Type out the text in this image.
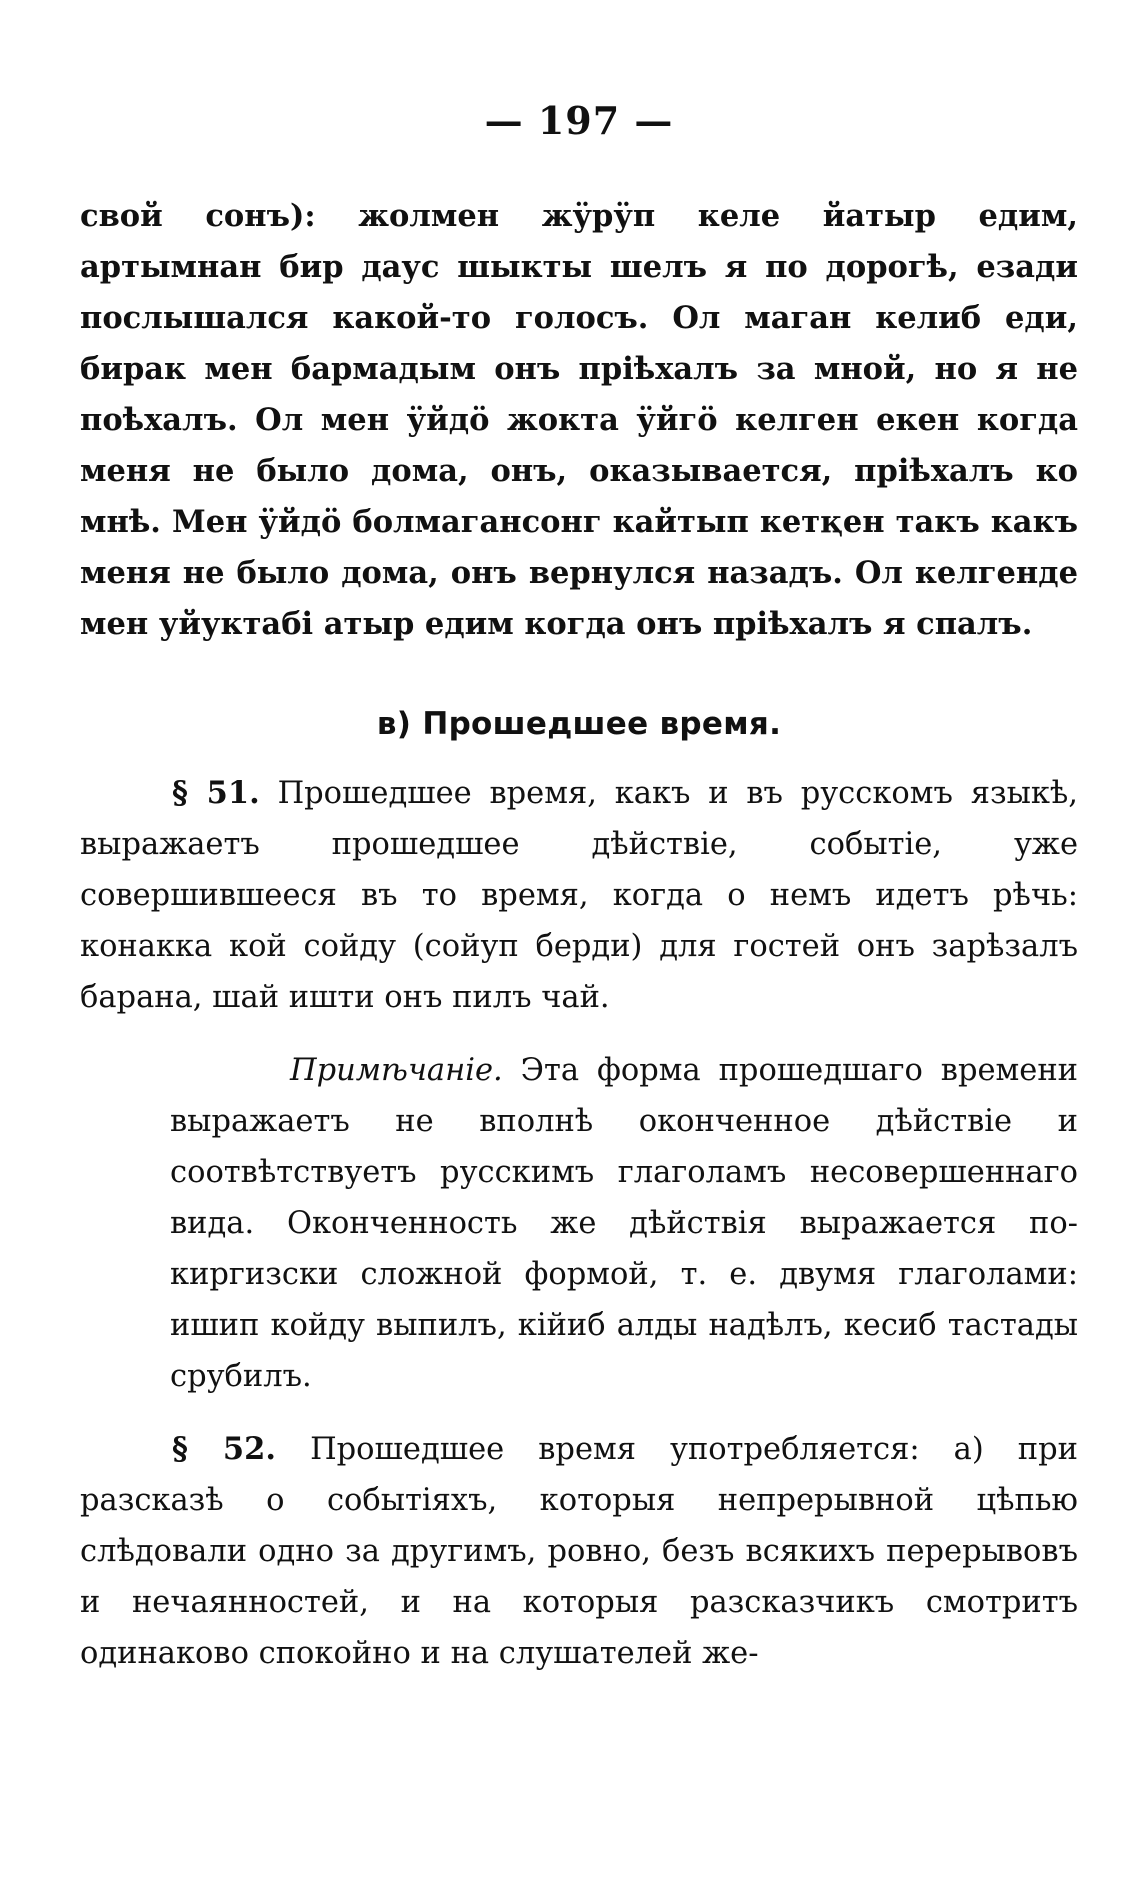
— 197 —

свой сонъ): жолмен жӱрӱп келе йатыр едим, артымнан бир даус шыкты шелъ я по дорогѣ, езади послышался какой-то голосъ. Ол маган келиб еди, бирак мен бармадым онъ пріѣхалъ за мной, но я не поѣхалъ. Ол мен ӱйдӧ жокта ӱйгӧ келген екен когда меня не было дома, онъ, оказывается, пріѣхалъ ко мнѣ. Мен ӱйдӧ болмагансонг кайтып кетқен такъ какъ меня не было дома, онъ вернулся назадъ. Ол келгенде мен уйуктабі атыр едим когда онъ пріѣхалъ я спалъ.

в) Прошедшее время.

§ 51. Прошедшее время, какъ и въ русскомъ языкѣ, выражаетъ прошедшее дѣйствіе, событіе, уже совершившееся въ то время, когда о немъ идетъ рѣчь: конакка кой сойду (сойуп берди) для гостей онъ зарѣзалъ барана, шай ишти онъ пилъ чай.

Примѣчаніе. Эта форма прошедшаго времени выражаетъ не вполнѣ оконченное дѣйствіе и соотвѣтствуетъ русскимъ глаголамъ несовершеннаго вида. Оконченность же дѣйствія выражается по-киргизски сложной формой, т. е. двумя глаголами: ишип койду выпилъ, кійиб алды надѣлъ, кесиб тастады срубилъ.

§ 52. Прошедшее время употребляется: а) при разсказѣ о событіяхъ, которыя непрерывной цѣпью слѣдовали одно за другимъ, ровно, безъ всякихъ перерывовъ и нечаянностей, и на которыя разсказчикъ смотритъ одинаково спокойно и на слушателей же-
